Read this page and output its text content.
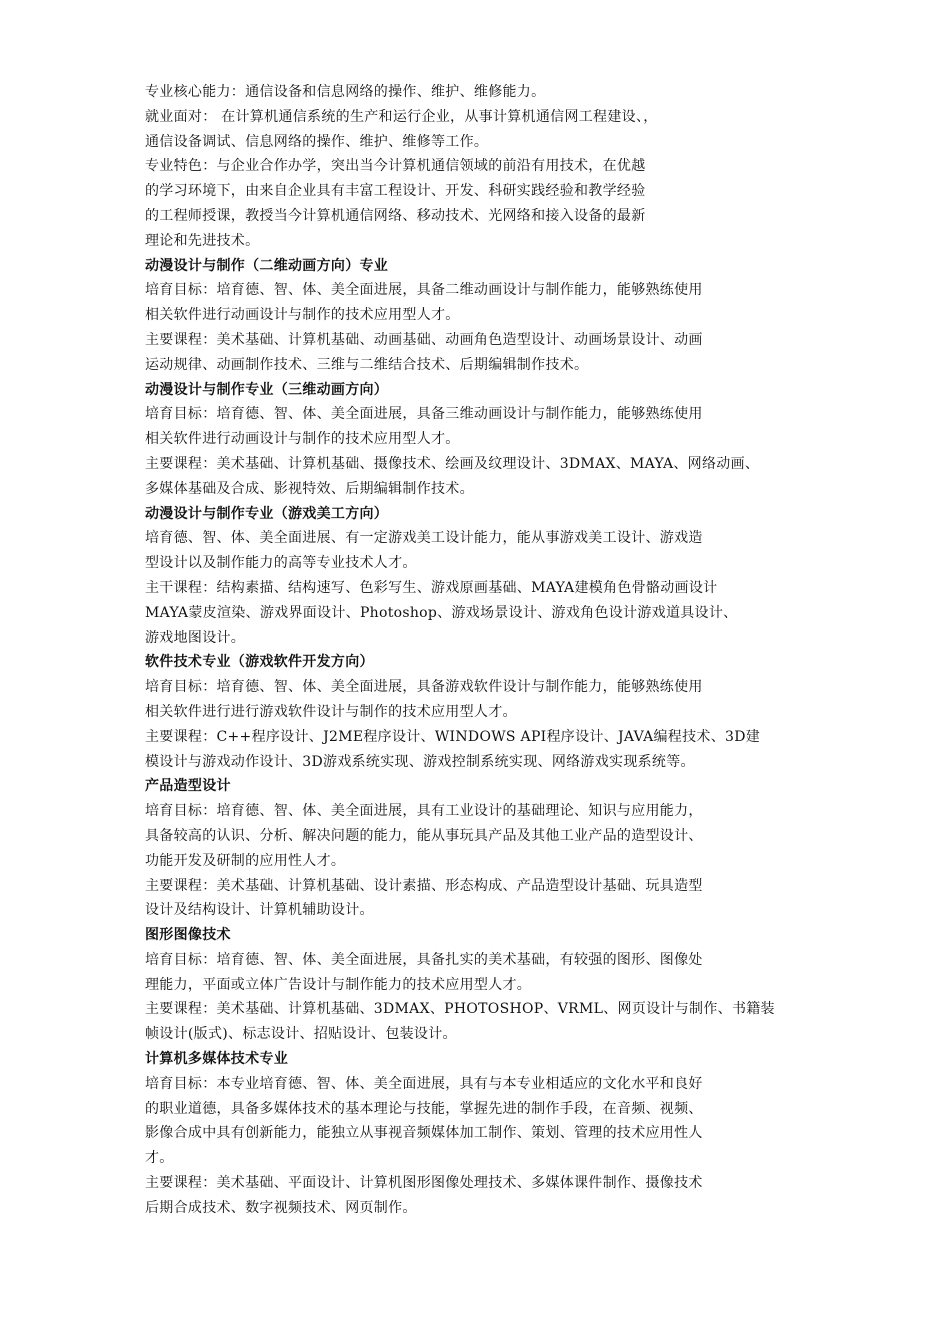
专业核心能力：通信设备和信息网络的操作、维护、维修能力。
就业面对： 在计算机通信系统的生产和运行企业，从事计算机通信网工程建设、，
通信设备调试、信息网络的操作、维护、维修等工作。
专业特色：与企业合作办学，突出当今计算机通信领域的前沿有用技术，在优越
的学习环境下，由来自企业具有丰富工程设计、开发、科研实践经验和教学经验
的工程师授课，教授当今计算机通信网络、移动技术、光网络和接入设备的最新
理论和先进技术。
动漫设计与制作（二维动画方向）专业
培育目标：培育德、智、体、美全面进展，具备二维动画设计与制作能力，能够熟练使用
相关软件进行动画设计与制作的技术应用型人才。
主要课程：美术基础、计算机基础、动画基础、动画角色造型设计、动画场景设计、动画
运动规律、动画制作技术、三维与二维结合技术、后期编辑制作技术。
动漫设计与制作专业（三维动画方向）
培育目标：培育德、智、体、美全面进展，具备三维动画设计与制作能力，能够熟练使用
相关软件进行动画设计与制作的技术应用型人才。
主要课程：美术基础、计算机基础、摄像技术、绘画及纹理设计、3DMAX、MAYA、网络动画、
多媒体基础及合成、影视特效、后期编辑制作技术。
动漫设计与制作专业（游戏美工方向）
培育德、智、体、美全面进展、有一定游戏美工设计能力，能从事游戏美工设计、游戏造
型设计以及制作能力的高等专业技术人才。
主干课程：结构素描、结构速写、色彩写生、游戏原画基础、MAYA建模角色骨骼动画设计
MAYA蒙皮渲染、游戏界面设计、Photoshop、游戏场景设计、游戏角色设计游戏道具设计、
游戏地图设计。
软件技术专业（游戏软件开发方向）
培育目标：培育德、智、体、美全面进展，具备游戏软件设计与制作能力，能够熟练使用
相关软件进行进行游戏软件设计与制作的技术应用型人才。
主要课程：C++程序设计、J2ME程序设计、WINDOWS API程序设计、JAVA编程技术、3D建
模设计与游戏动作设计、3D游戏系统实现、游戏控制系统实现、网络游戏实现系统等。
产品造型设计
培育目标：培育德、智、体、美全面进展，具有工业设计的基础理论、知识与应用能力，
具备较高的认识、分析、解决问题的能力，能从事玩具产品及其他工业产品的造型设计、
功能开发及研制的应用性人才。
主要课程：美术基础、计算机基础、设计素描、形态构成、产品造型设计基础、玩具造型
设计及结构设计、计算机辅助设计。
图形图像技术
培育目标：培育德、智、体、美全面进展，具备扎实的美术基础，有较强的图形、图像处
理能力，平面或立体广告设计与制作能力的技术应用型人才。
主要课程：美术基础、计算机基础、3DMAX、PHOTOSHOP、VRML、网页设计与制作、书籍装
帧设计(版式)、标志设计、招贴设计、包装设计。
计算机多媒体技术专业
培育目标：本专业培育德、智、体、美全面进展，具有与本专业相适应的文化水平和良好
的职业道德，具备多媒体技术的基本理论与技能，掌握先进的制作手段，在音频、视频、
影像合成中具有创新能力，能独立从事视音频媒体加工制作、策划、管理的技术应用性人
才。
主要课程：美术基础、平面设计、计算机图形图像处理技术、多媒体课件制作、摄像技术
后期合成技术、数字视频技术、网页制作。
